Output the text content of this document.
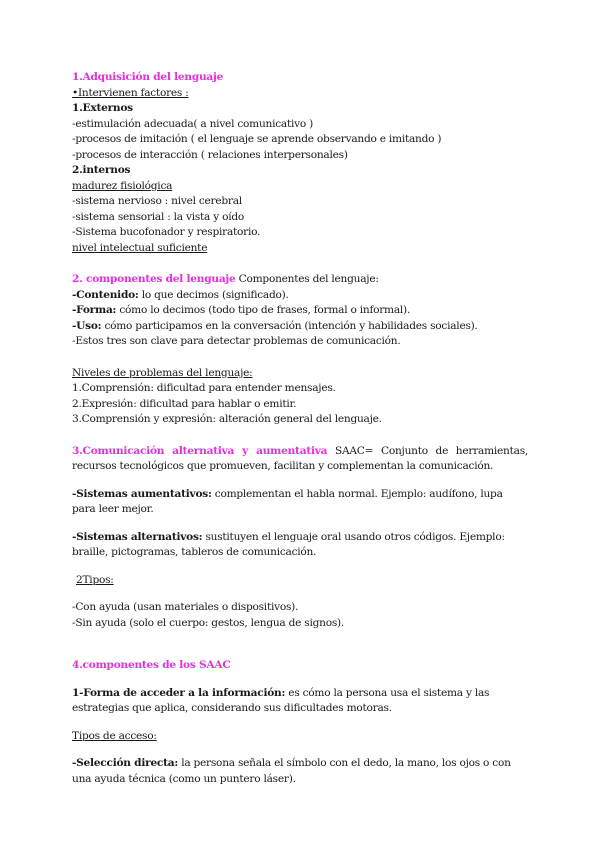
1.Adquisición del lenguaje
•Intervienen factores :
1.Externos
-estimulación adecuada( a nivel comunicativo )
-procesos de imitación ( el lenguaje se aprende observando e imitando )
-procesos de interacción ( relaciones interpersonales)
2.internos
madurez fisiológica
-sistema nervioso : nivel cerebral
-sistema sensorial : la vista y oído
-Sistema bucofonador y respiratorio.
nivel intelectual suficiente
2. componentes del lenguaje Componentes del lenguaje:
-Contenido: lo que decimos (significado).
-Forma: cómo lo decimos (todo tipo de frases, formal o informal).
-Uso: cómo participamos en la conversación (intención y habilidades sociales).
-Estos tres son clave para detectar problemas de comunicación.
Niveles de problemas del lenguaje:
1.Comprensión: dificultad para entender mensajes.
2.Expresión: dificultad para hablar o emitir.
3.Comprensión y expresión: alteración general del lenguaje.
3.Comunicación alternativa y aumentativa SAAC= Conjunto de herramientas, recursos tecnológicos que promueven, facilitan y complementan la comunicación.
-Sistemas aumentativos: complementan el habla normal. Ejemplo: audífono, lupa para leer mejor.
-Sistemas alternativos: sustituyen el lenguaje oral usando otros códigos. Ejemplo: braille, pictogramas, tableros de comunicación.
2Tipos:
-Con ayuda (usan materiales o dispositivos).
-Sin ayuda (solo el cuerpo: gestos, lengua de signos).
4.componentes de los SAAC
1-Forma de acceder a la información: es cómo la persona usa el sistema y las estrategias que aplica, considerando sus dificultades motoras.
Tipos de acceso:
-Selección directa: la persona señala el símbolo con el dedo, la mano, los ojos o con una ayuda técnica (como un puntero láser).
